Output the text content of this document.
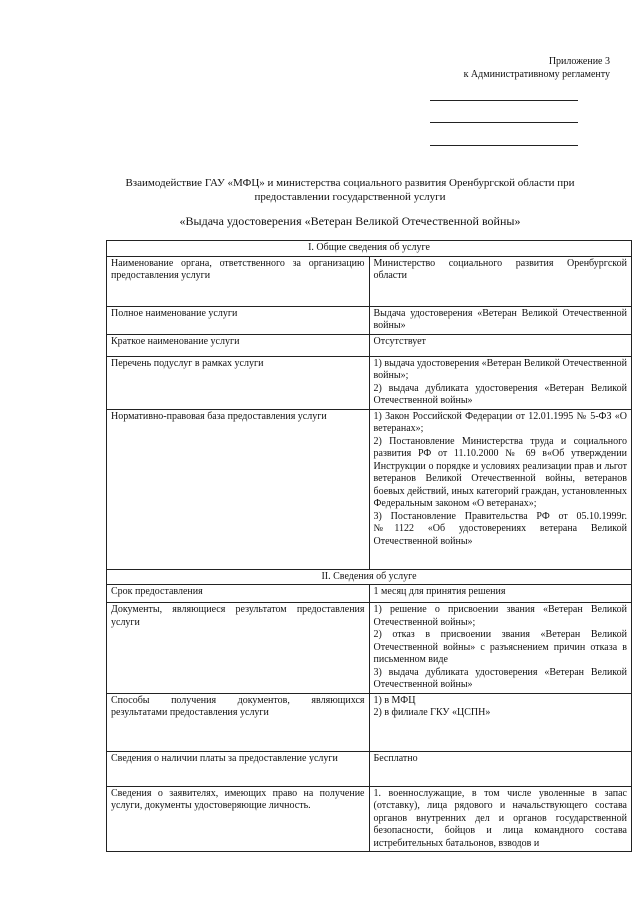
Приложение 3
к Административному регламенту
Взаимодействие ГАУ «МФЦ» и министерства социального развития Оренбургской области при
предоставлении государственной услуги
«Выдача удостоверения «Ветеран Великой Отечественной войны»
I. Общие сведения об услуге	
Наименование органа, ответственного за организацию предоставления услуги	Министерство социального развития Оренбургской области

Полное наименование услуги	Выдача удостоверения «Ветеран Великой Отечественной войны»

Краткое наименование услуги	Отсутствует

Перечень подуслуг в рамках услуги	1) выдача удостоверения «Ветеран Великой Отечественной войны»;
2) выдача дубликата удостоверения «Ветеран Великой Отечественной войны»

Нормативно-правовая база предоставления услуги	1) Закон Российской Федерации от 12.01.1995 № 5-ФЗ «О ветеранах»;
2) Постановление Министерства труда и социального развития РФ от 11.10.2000 № 69 в«Об утверждении Инструкции о порядке и условиях реализации прав и льгот ветеранов Великой Отечественной войны, ветеранов боевых действий, иных категорий граждан, установленных Федеральным законом «О ветеранах»;
3) Постановление Правительства РФ от 05.10.1999г. №1122 «Об удостоверениях ветерана Великой Отечественной войны»

II. Сведения об услуге	
Срок предоставления	1 месяц для принятия решения

Документы, являющиеся результатом предоставления услуги	1) решение о присвоении звания «Ветеран Великой Отечественной войны»;
2) отказ в присвоении звания «Ветеран Великой Отечественной войны» с разъяснением причин отказа в письменном виде
3) выдача дубликата удостоверения «Ветеран Великой Отечественной войны»

Способы получения документов, являющихся результатами предоставления услуги	1) в МФЦ
2) в филиале ГКУ «ЦСПН»

Сведения о наличии платы за предоставление услуги	Бесплатно

Сведения о заявителях, имеющих право на получение услуги, документы удостоверяющие личность.	1. военнослужащие, в том числе уволенные в запас (отставку), лица рядового и начальствующего состава органов внутренних дел и органов государственной безопасности, бойцов и лица командного состава истребительных батальонов, взводов и
